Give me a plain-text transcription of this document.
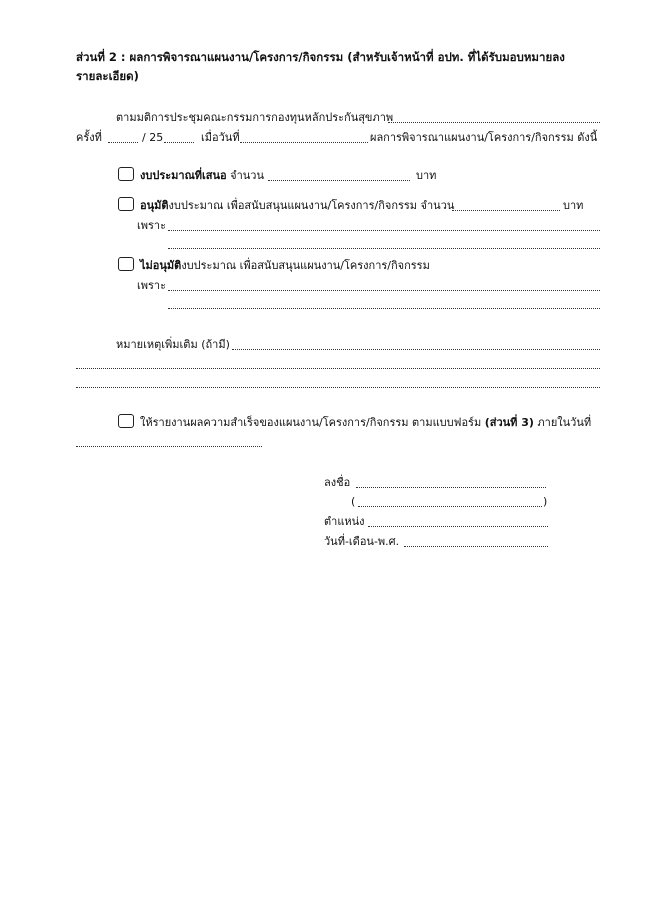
ส่วนที่ 2 : ผลการพิจารณาแผนงาน/โครงการ/กิจกรรม (สำหรับเจ้าหน้าที่ อปท. ที่ได้รับมอบหมายลง
รายละเอียด)
ตามมติการประชุมคณะกรรมการกองทุนหลักประกันสุขภาพ
ครั้งที่	/ 25	เมื่อวันที่	ผลการพิจารณาแผนงาน/โครงการ/กิจกรรม ดังนี้
งบประมาณที่เสนอ จำนวน	บาท
อนุมัติงบประมาณ เพื่อสนับสนุนแผนงาน/โครงการ/กิจกรรม จำนวน	บาท
เพราะ
ไม่อนุมัติงบประมาณ เพื่อสนับสนุนแผนงาน/โครงการ/กิจกรรม
เพราะ
หมายเหตุเพิ่มเติม (ถ้ามี)
ให้รายงานผลความสำเร็จของแผนงาน/โครงการ/กิจกรรม ตามแบบฟอร์ม (ส่วนที่ 3) ภายในวันที่
ลงชื่อ
(	)
ตำแหน่ง
วันที่-เดือน-พ.ศ.
